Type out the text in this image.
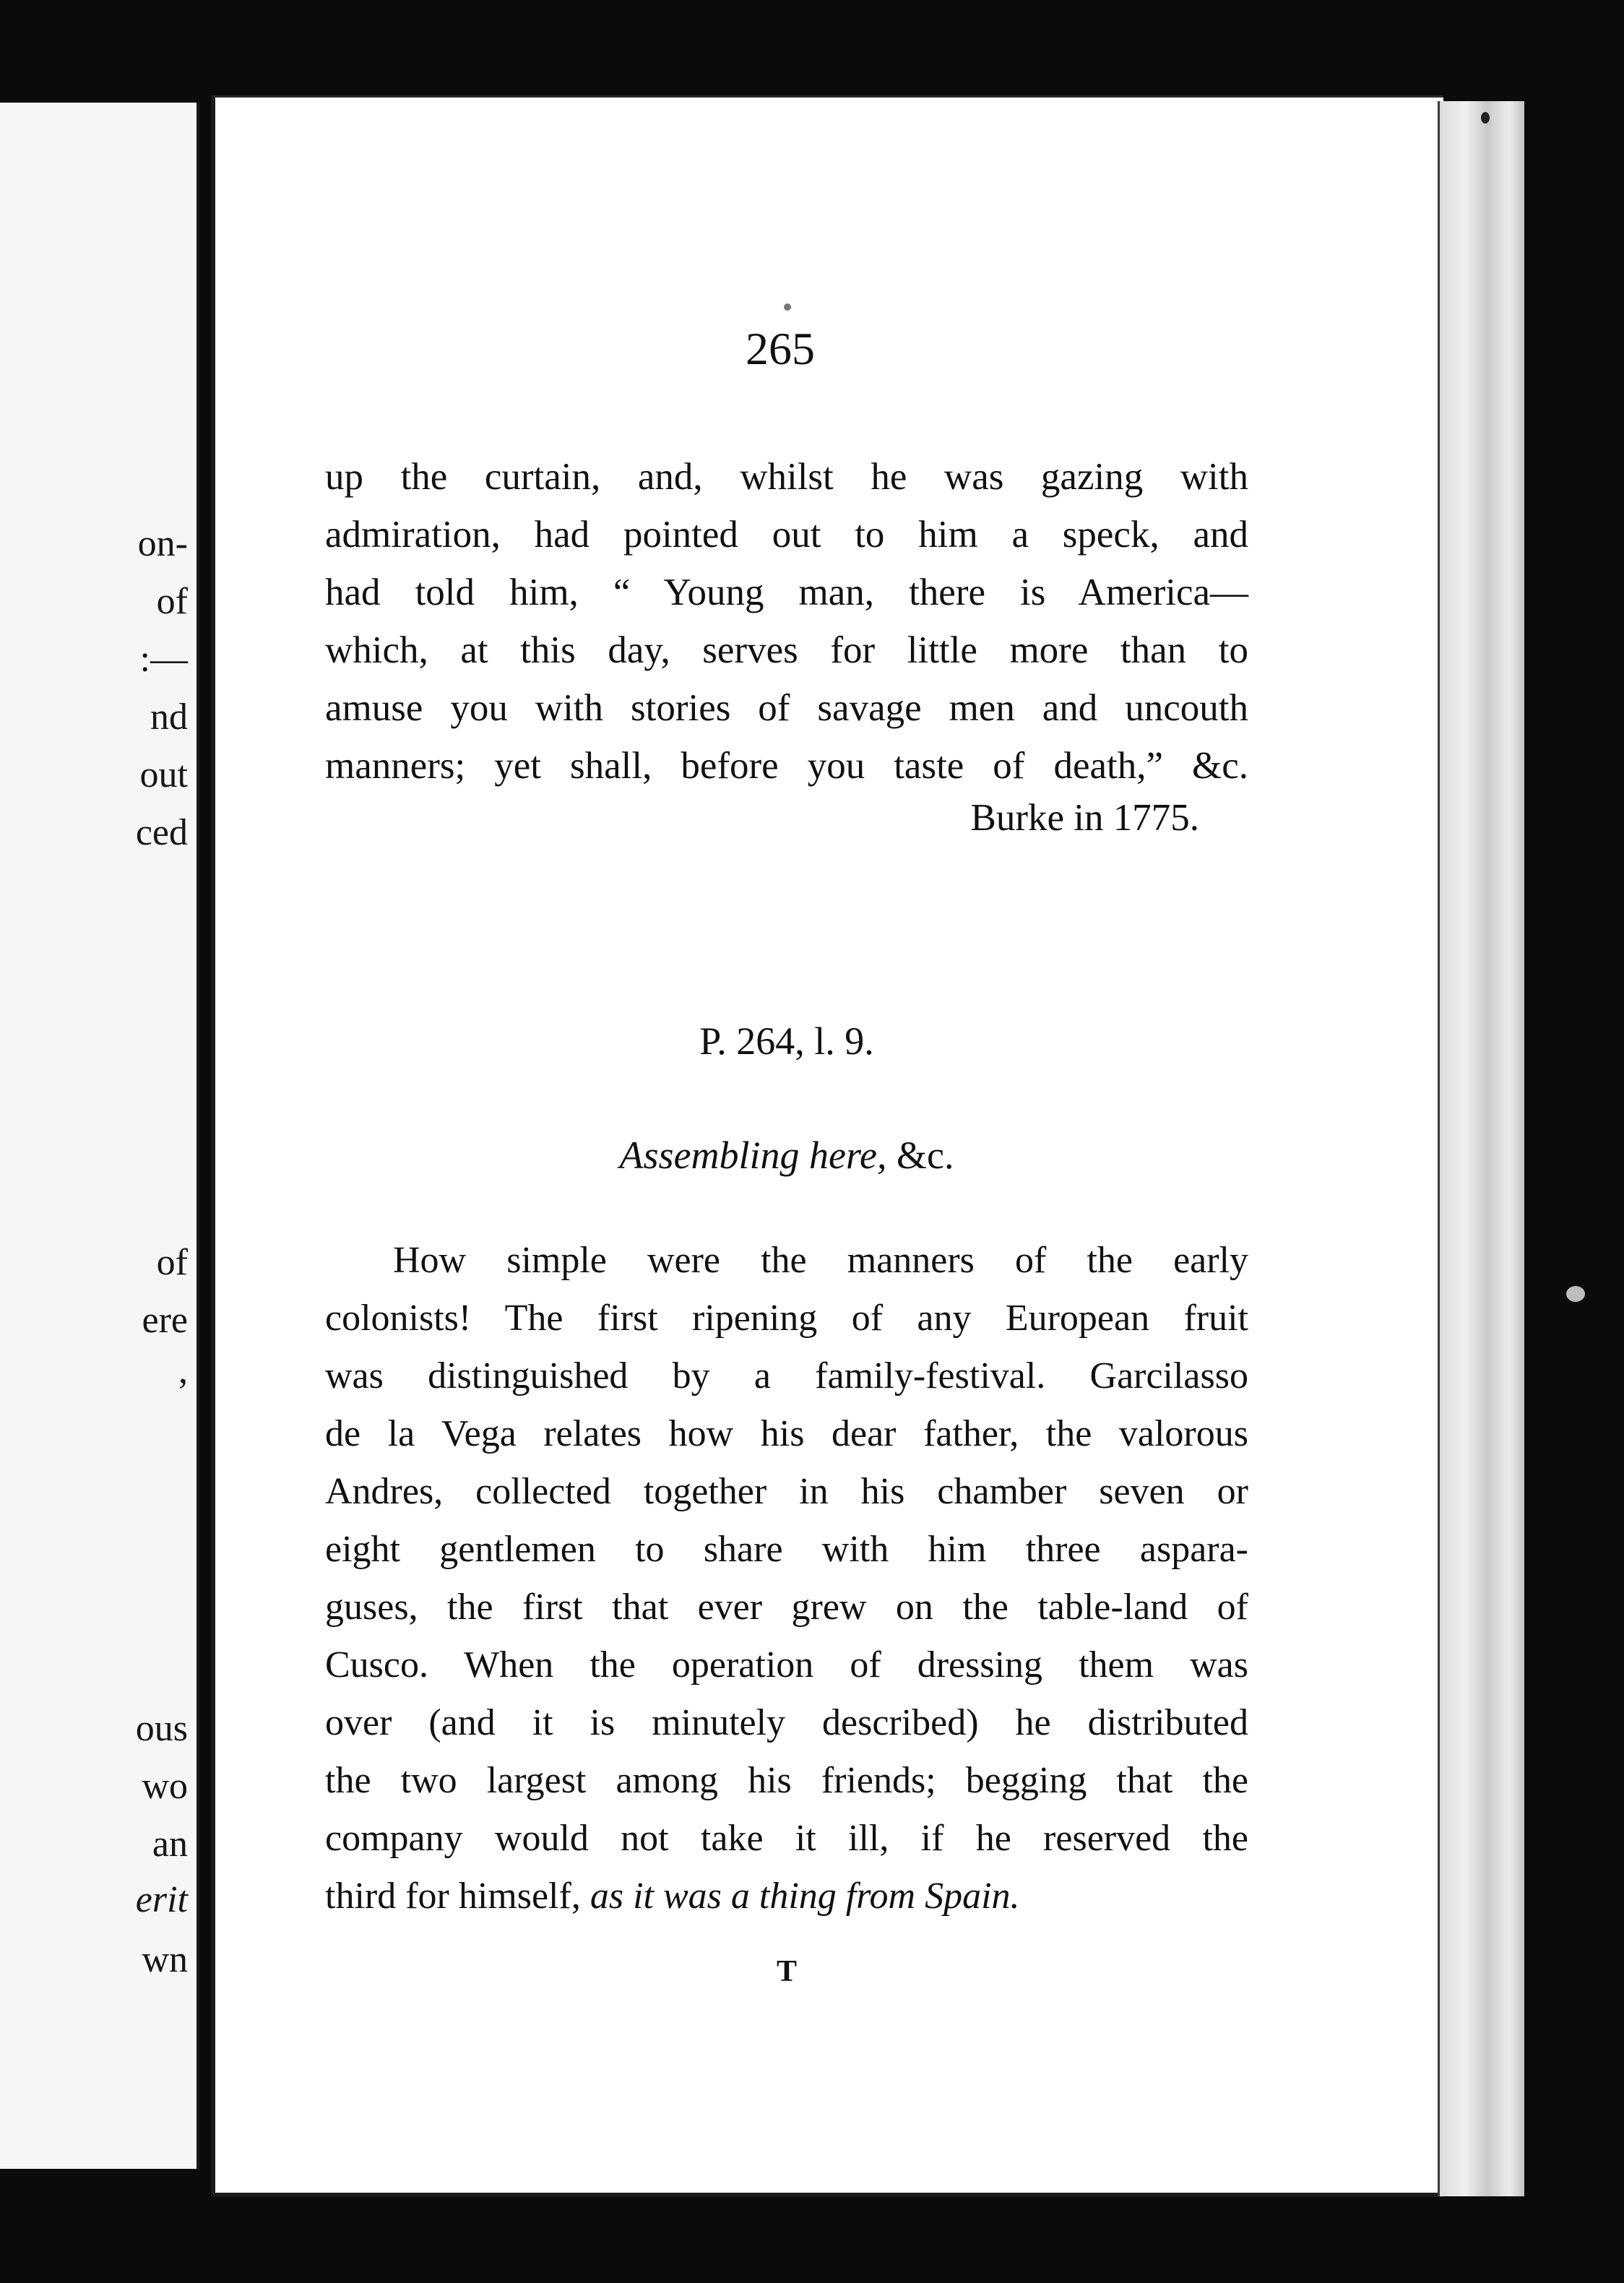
on-
of
:—
nd
out
ced
of
ere
,
ous
wo
an
erit
wn
265
up the curtain, and, whilst he was gazing with
admiration, had pointed out to him a speck, and
had told him, “ Young man, there is America—
which, at this day, serves for little more than to
amuse you with stories of savage men and uncouth
manners; yet shall, before you taste of death,” &c.
Burke in 1775.
P. 264, l. 9.
Assembling here, &c.
How simple were the manners of the early
colonists! The first ripening of any European fruit
was distinguished by a family-festival. Garcilasso
de la Vega relates how his dear father, the valorous
Andres, collected together in his chamber seven or
eight gentlemen to share with him three aspara-
guses, the first that ever grew on the table-land of
Cusco. When the operation of dressing them was
over (and it is minutely described) he distributed
the two largest among his friends; begging that the
company would not take it ill, if he reserved the
third for himself, as it was a thing from Spain.
T
